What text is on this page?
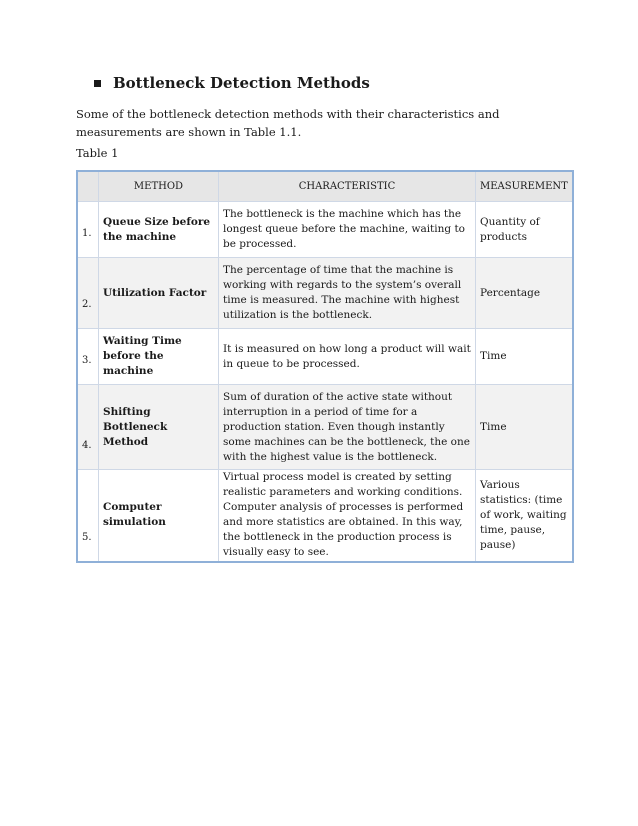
Bottleneck Detection Methods
Some of the bottleneck detection methods with their characteristics and measurements are shown in Table 1.1.
Table 1
	METHOD	CHARACTERISTIC	MEASUREMENT
1.	Queue Size before the machine	The bottleneck is the machine which has the longest queue before the machine, waiting to be processed.	Quantity of products
2.	Utilization Factor	The percentage of time that the machine is working with regards to the system’s overall time is measured. The machine with highest utilization is the bottleneck.	Percentage
3.	Waiting Time before the machine	It is measured on how long a product will wait in queue to be processed.	Time
4.	Shifting Bottleneck Method	Sum of duration of the active state without interruption in a period of time for a production station. Even though instantly some machines can be the bottleneck, the one with the highest value is the bottleneck.	Time
5.	Computer simulation	Virtual process model is created by setting realistic parameters and working conditions. Computer analysis of processes is performed and more statistics are obtained. In this way, the bottleneck in the production process is visually easy to see.	Various statistics: (time of work, waiting time, pause, pause)
